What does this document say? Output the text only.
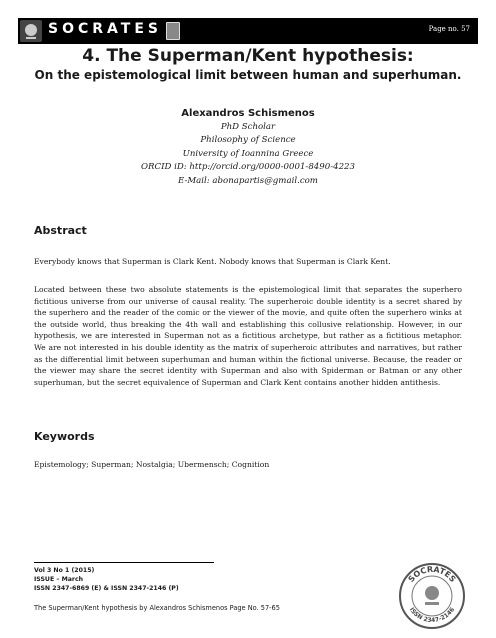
SOCRATES	Page no. 57
4. The Superman/Kent hypothesis:
On the epistemological limit between human and superhuman.
Alexandros Schismenos
PhD Scholar
Philosophy of Science
University of Ioannina Greece
ORCID iD: http://orcid.org/0000-0001-8490-4223
E-Mail: abonapartis@gmail.com
Abstract
Everybody knows that Superman is Clark Kent. Nobody knows that Superman is Clark Kent.
Located between these two absolute statements is the epistemological limit that separates the superhero fictitious universe from our universe of causal reality. The superheroic double identity is a secret shared by the superhero and the reader of the comic or the viewer of the movie, and quite often the superhero winks at the outside world, thus breaking the 4th wall and establishing this collusive relationship. However, in our hypothesis, we are interested in Superman not as a fictitious archetype, but rather as a fictitious metaphor. We are not interested in his double identity as the matrix of superheroic attributes and narratives, but rather as the differential limit between superhuman and human within the fictional universe. Because, the reader or the viewer may share the secret identity with Superman and also with Spiderman or Batman or any other superhuman, but the secret equivalence of Superman and Clark Kent contains another hidden antithesis.
Keywords
Epistemology; Superman; Nostalgia; Ubermensch; Cognition
Vol 3 No 1 (2015)
ISSUE – March
ISSN 2347-6869 (E) & ISSN 2347-2146 (P)
The Superman/Kent hypothesis by Alexandros Schismenos Page No. 57-65
SOCRATES
ISSN 2347-2146
